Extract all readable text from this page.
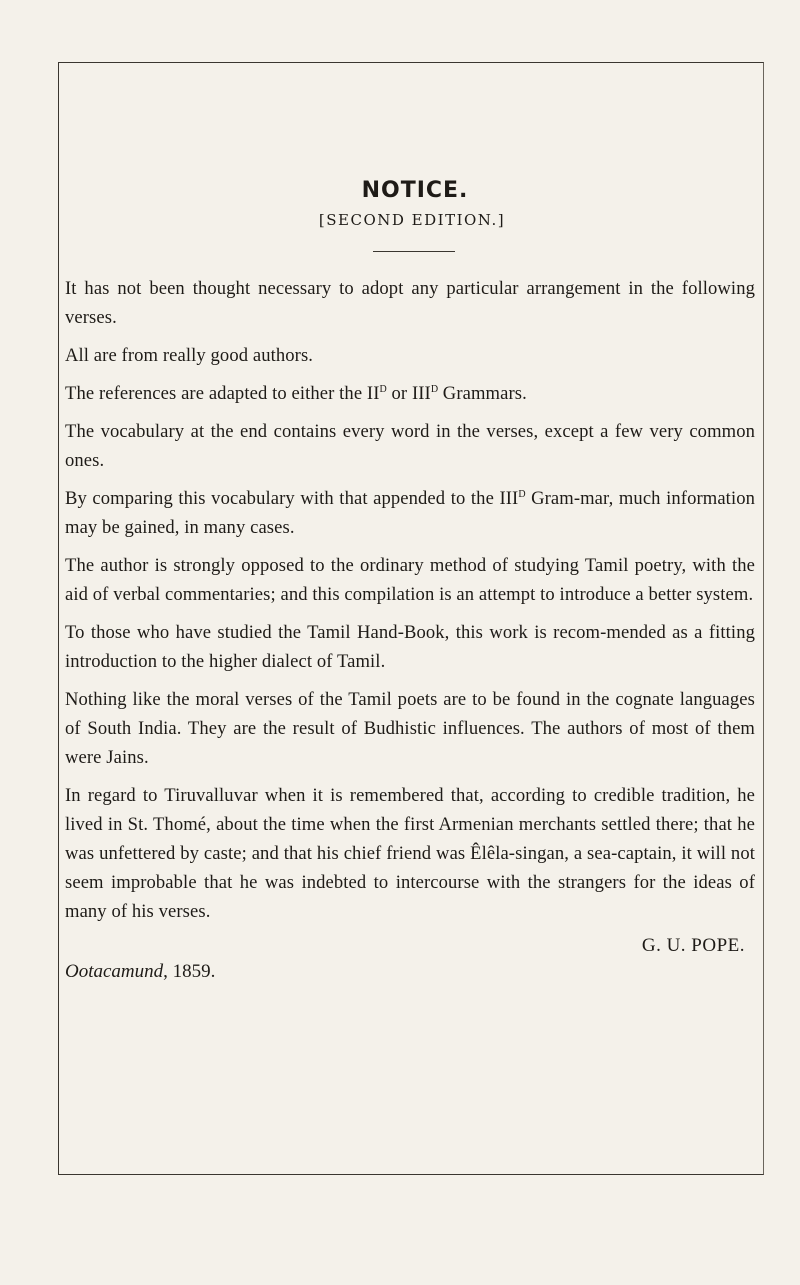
NOTICE.
[SECOND EDITION.]

It has not been thought necessary to adopt any particular arrangement in the following verses.

All are from really good authors.

The references are adapted to either the $II^D$ or $III^D$ Grammars.

The vocabulary at the end contains every word in the verses, except a few very common ones.

By comparing this vocabulary with that appended to the $III^D$ Gram-mar, much information may be gained, in many cases.

The author is strongly opposed to the ordinary method of studying Tamil poetry, with the aid of verbal commentaries; and this compilation is an attempt to introduce a better system.

To those who have studied the Tamil Hand-Book, this work is recom-mended as a fitting introduction to the higher dialect of Tamil.

Nothing like the moral verses of the Tamil poets are to be found in the cognate languages of South India. They are the result of Budhistic influences. The authors of most of them were Jains.

In regard to Tiruvalluvar when it is remembered that, according to credible tradition, he lived in St. Thomé, about the time when the first Armenian merchants settled there; that he was unfettered by caste; and that his chief friend was Êlêla-singan, a sea-captain, it will not seem improbable that he was indebted to intercourse with the strangers for the ideas of many of his verses.

G. U. POPE.
Ootacamund, 1859.
